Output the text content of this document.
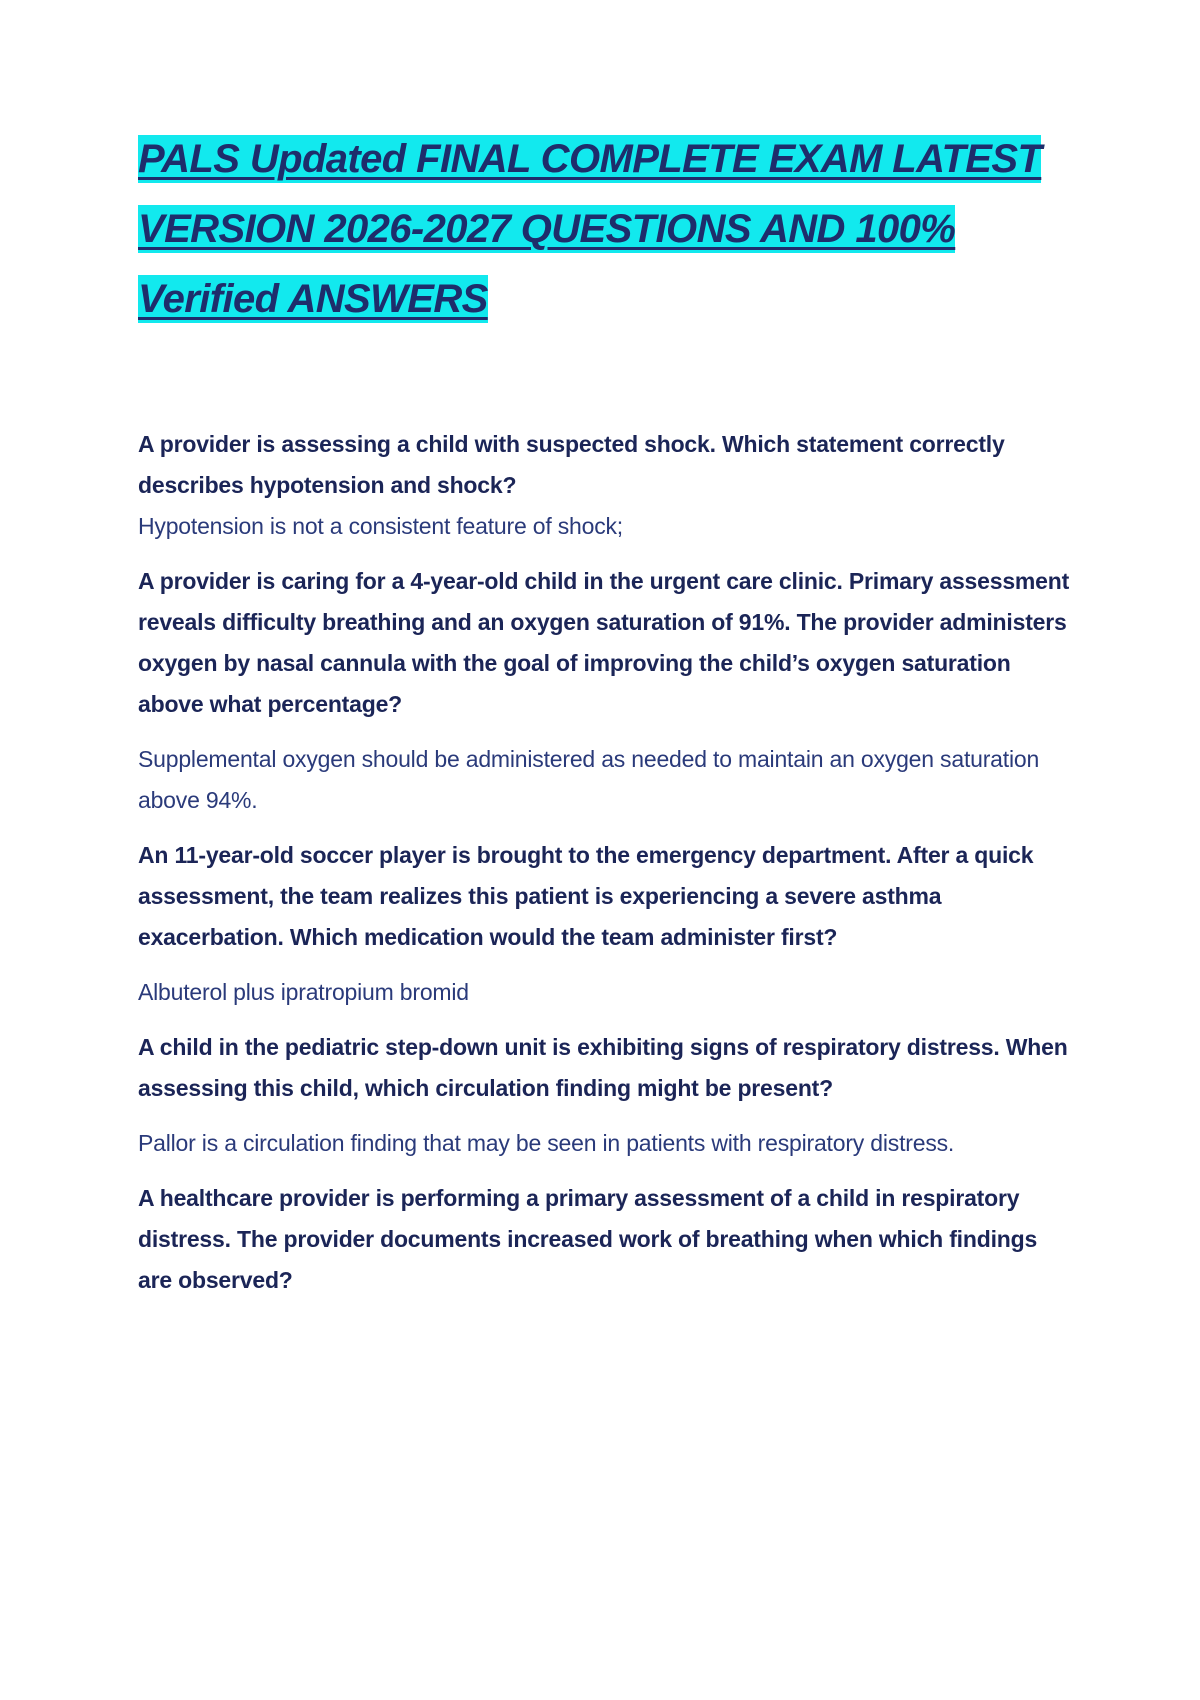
PALS Updated FINAL COMPLETE EXAM LATEST
VERSION 2026-2027 QUESTIONS AND 100%
Verified ANSWERS

A provider is assessing a child with suspected shock. Which statement correctly describes hypotension and shock?

Hypotension is not a consistent feature of shock;

A provider is caring for a 4-year-old child in the urgent care clinic. Primary assessment reveals difficulty breathing and an oxygen saturation of 91%. The provider administers oxygen by nasal cannula with the goal of improving the child’s oxygen saturation above what percentage?

Supplemental oxygen should be administered as needed to maintain an oxygen saturation above 94%.

An 11-year-old soccer player is brought to the emergency department. After a quick assessment, the team realizes this patient is experiencing a severe asthma exacerbation. Which medication would the team administer first?

Albuterol plus ipratropium bromid

A child in the pediatric step-down unit is exhibiting signs of respiratory distress. When assessing this child, which circulation finding might be present?

Pallor is a circulation finding that may be seen in patients with respiratory distress.

A healthcare provider is performing a primary assessment of a child in respiratory distress. The provider documents increased work of breathing when which findings are observed?
